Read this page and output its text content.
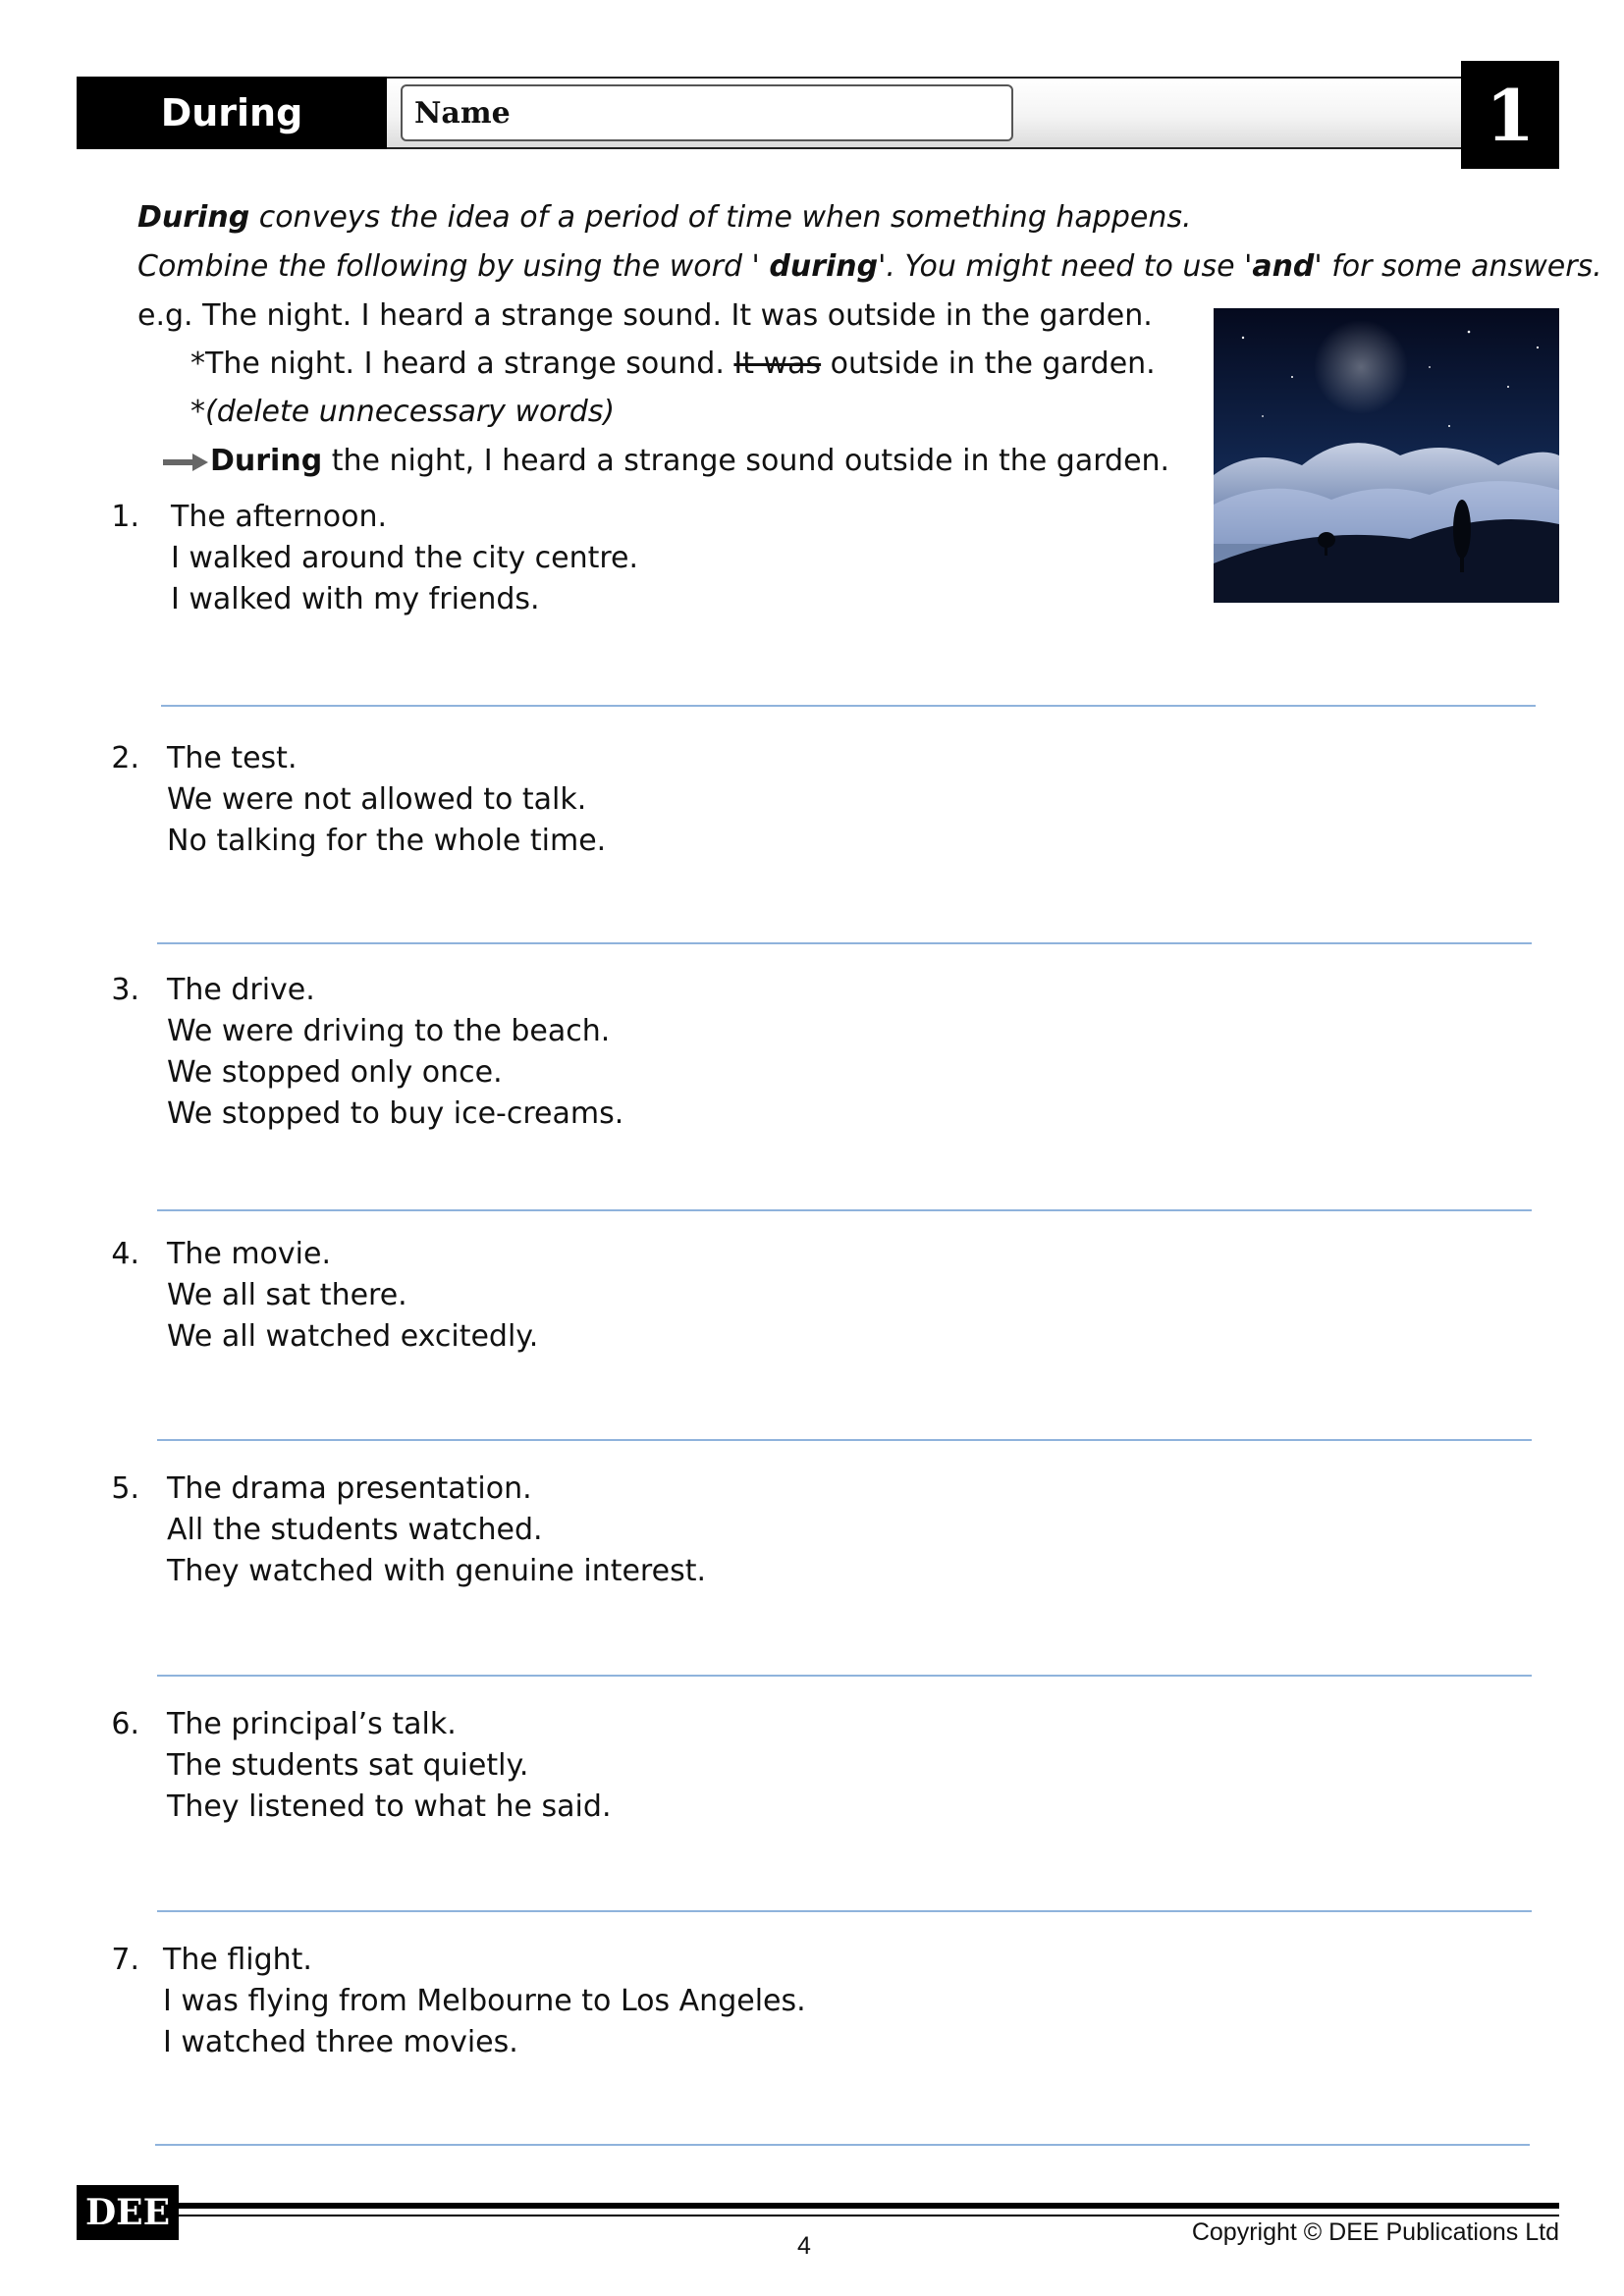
During	Name	1
During conveys the idea of a period of time when something happens.
Combine the following by using the word ' during'. You might need to use 'and' for some answers.
e.g. The night. I heard a strange sound. It was outside in the garden.
*The night. I heard a strange sound. It was outside in the garden.
*(delete unnecessary words)
During the night, I heard a strange sound outside in the garden.
1. The afternoon.
I walked around the city centre.
I walked with my friends.
2. The test.
We were not allowed to talk.
No talking for the whole time.
3. The drive.
We were driving to the beach.
We stopped only once.
We stopped to buy ice-creams.
4. The movie.
We all sat there.
We all watched excitedly.
5. The drama presentation.
All the students watched.
They watched with genuine interest.
6. The principal’s talk.
The students sat quietly.
They listened to what he said.
7. The flight.
I was flying from Melbourne to Los Angeles.
I watched three movies.
DEE	Copyright © DEE Publications Ltd
4
